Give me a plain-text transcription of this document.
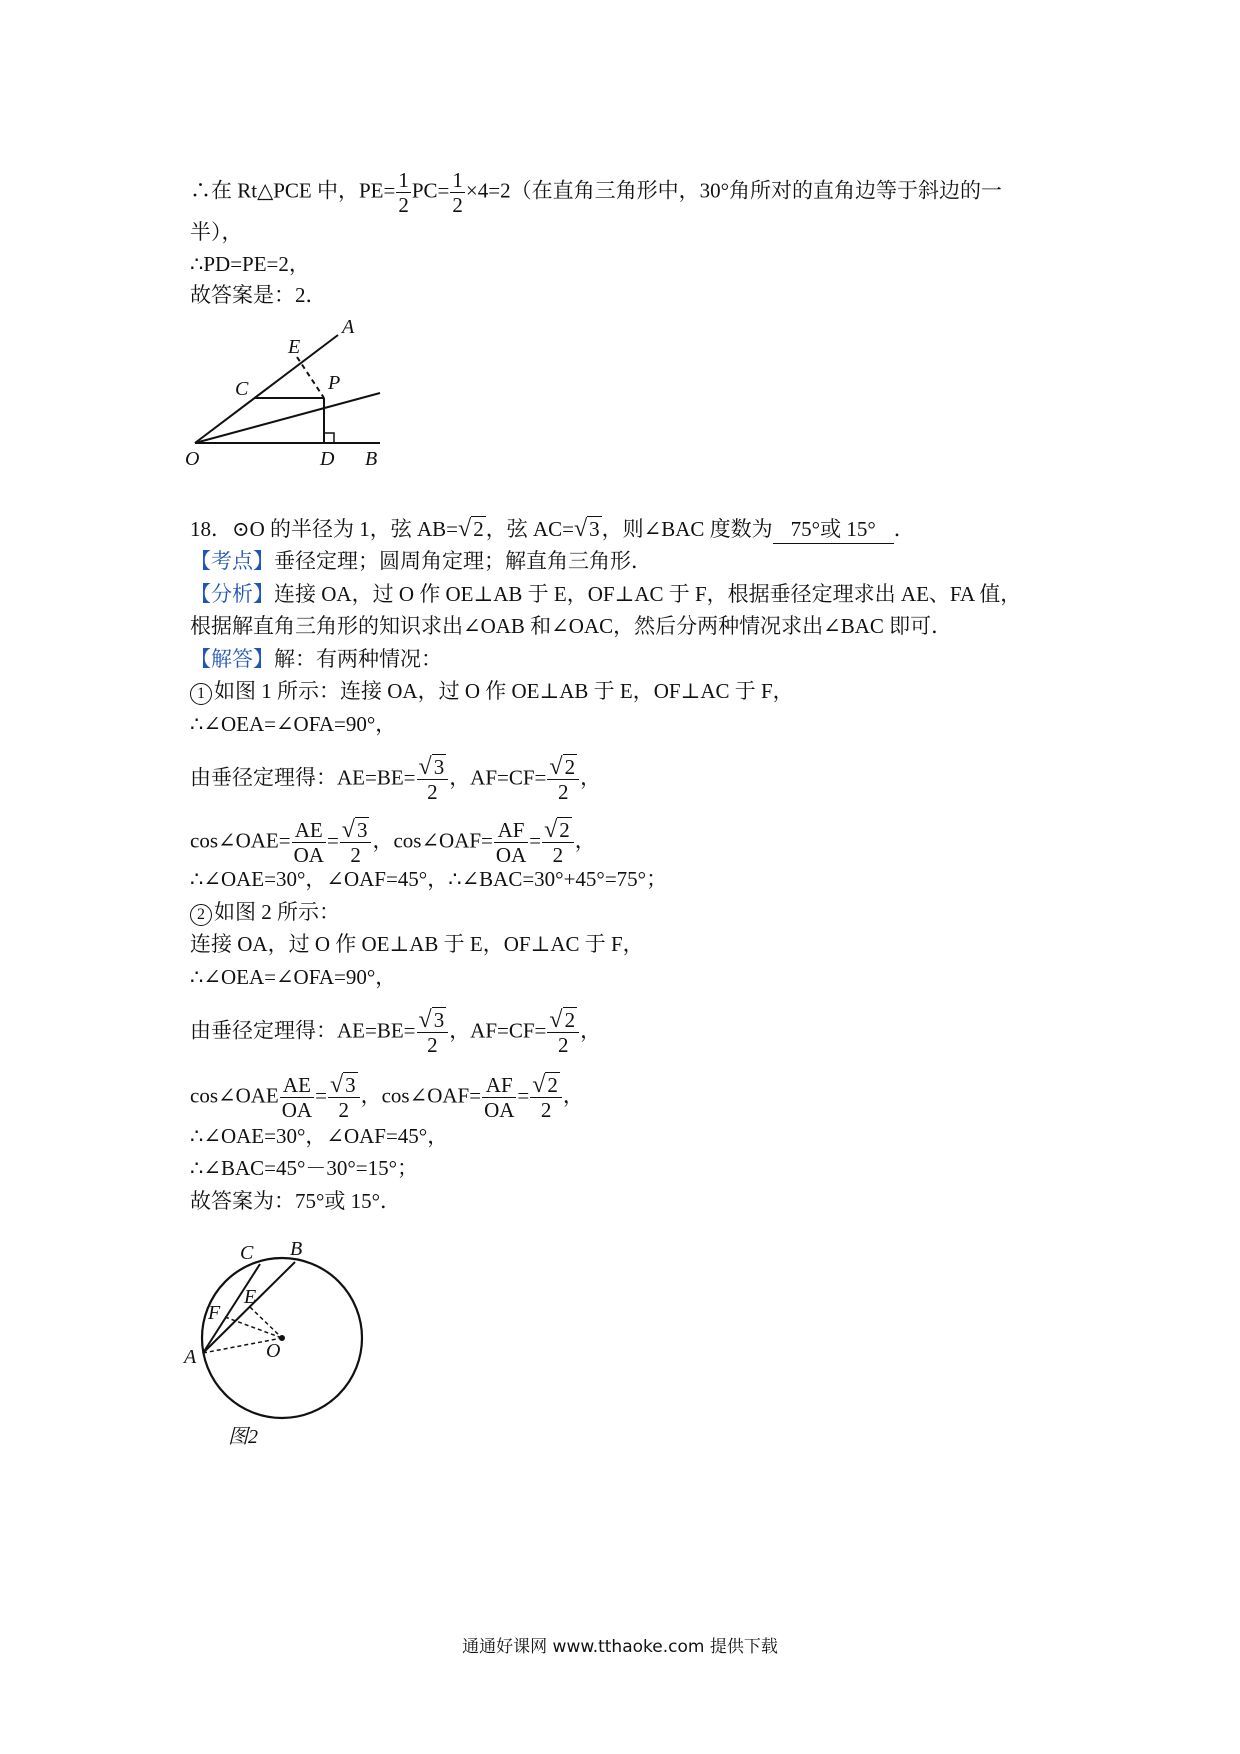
∴在 Rt△PCE 中，$PE= \frac{1}{2} PC= \frac{1}{2} \times 4=2$（在直角三角形中，30°角所对的直角边等于斜边的一
半），
∴PD=PE=2，
故答案是：2．
A
E
C	P
O	D B
18．⊙O 的半径为 1，弦 AB=√2，弦 AC=√3，则∠BAC 度数为 75°或 15° ．
【考点】垂径定理；圆周角定理；解直角三角形．
【分析】连接 OA，过 O 作 OE⊥AB 于 E，OF⊥AC 于 F，根据垂径定理求出 AE、FA 值，
根据解直角三角形的知识求出∠OAB 和∠OAC，然后分两种情况求出∠BAC 即可．
【解答】解：有两种情况：
1 如图 1 所示：连接 OA，过 O 作 OE⊥AB 于 E，OF⊥AC 于 F，
∴∠OEA=∠OFA=90°，
由垂径定理得：$AE=BE= \frac{√3}{2}$ ，$AF=CF= \frac{√2}{2}$ ，
cos∠OAE= $\frac{AE}{OA} = \frac{√3}{2}$ ，cos∠OAF= $\frac{AF}{OA} = \frac{√2}{2}$ ，
∴∠OAE=30°，∠OAF=45°，∴∠BAC=30°+45°=75°；
2 如图 2 所示：
连接 OA，过 O 作 OE⊥AB 于 E，OF⊥AC 于 F，
∴∠OEA=∠OFA=90°，
由垂径定理得：$AE=BE= \frac{√3}{2}$ ，$AF=CF= \frac{√2}{2}$ ，
cos∠OAE $\frac{AE}{OA} = \frac{√3}{2}$ ，cos∠OAF= $\frac{AF}{OA} = \frac{√2}{2}$ ，
∴∠OAE=30°，∠OAF=45°，
∴∠BAC=45°－30°=15°；
故答案为：75°或 15°．
C B
E
F
A	O
图2
通通好课网 www.tthaoke.com 提供下载
